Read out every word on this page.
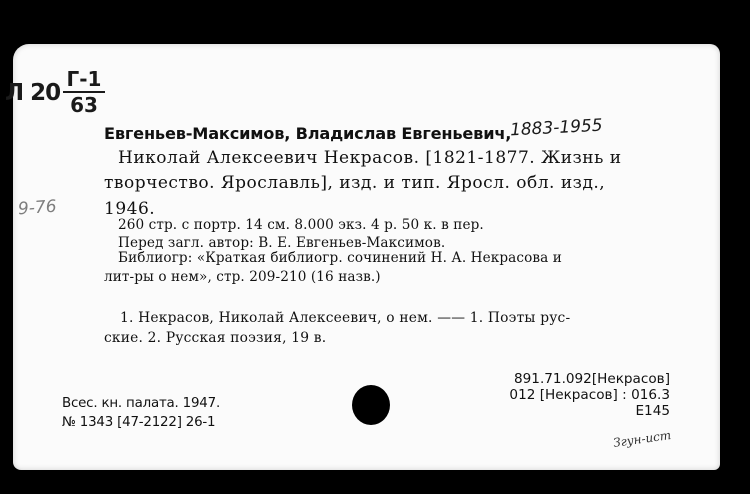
Л 20
Г-1
63
9-76
Евгеньев-Максимов, Владислав Евгеньевич,
1883-1955
Николай Алексеевич Некрасов. [1821-1877. Жизнь и
творчество. Ярославль], изд. и тип. Яросл. обл. изд.,
1946.
260 стр. с портр. 14 см. 8.000 экз. 4 р. 50 к. в пер.
Перед загл. автор: В. Е. Евгеньев-Максимов.
Библиогр: «Краткая библиогр. сочинений Н. А. Некрасова и
лит-ры о нем», стр. 209-210 (16 назв.)
1. Некрасов, Николай Алексеевич, о нем. —— 1. Поэты рус-
ские. 2. Русская поэзия, 19 в.
Всес. кн. палата. 1947.
№ 1343 [47-2122] 26-1
891.71.092[Некрасов]
012 [Некрасов] : 016.3
Е145
Згун-ист
